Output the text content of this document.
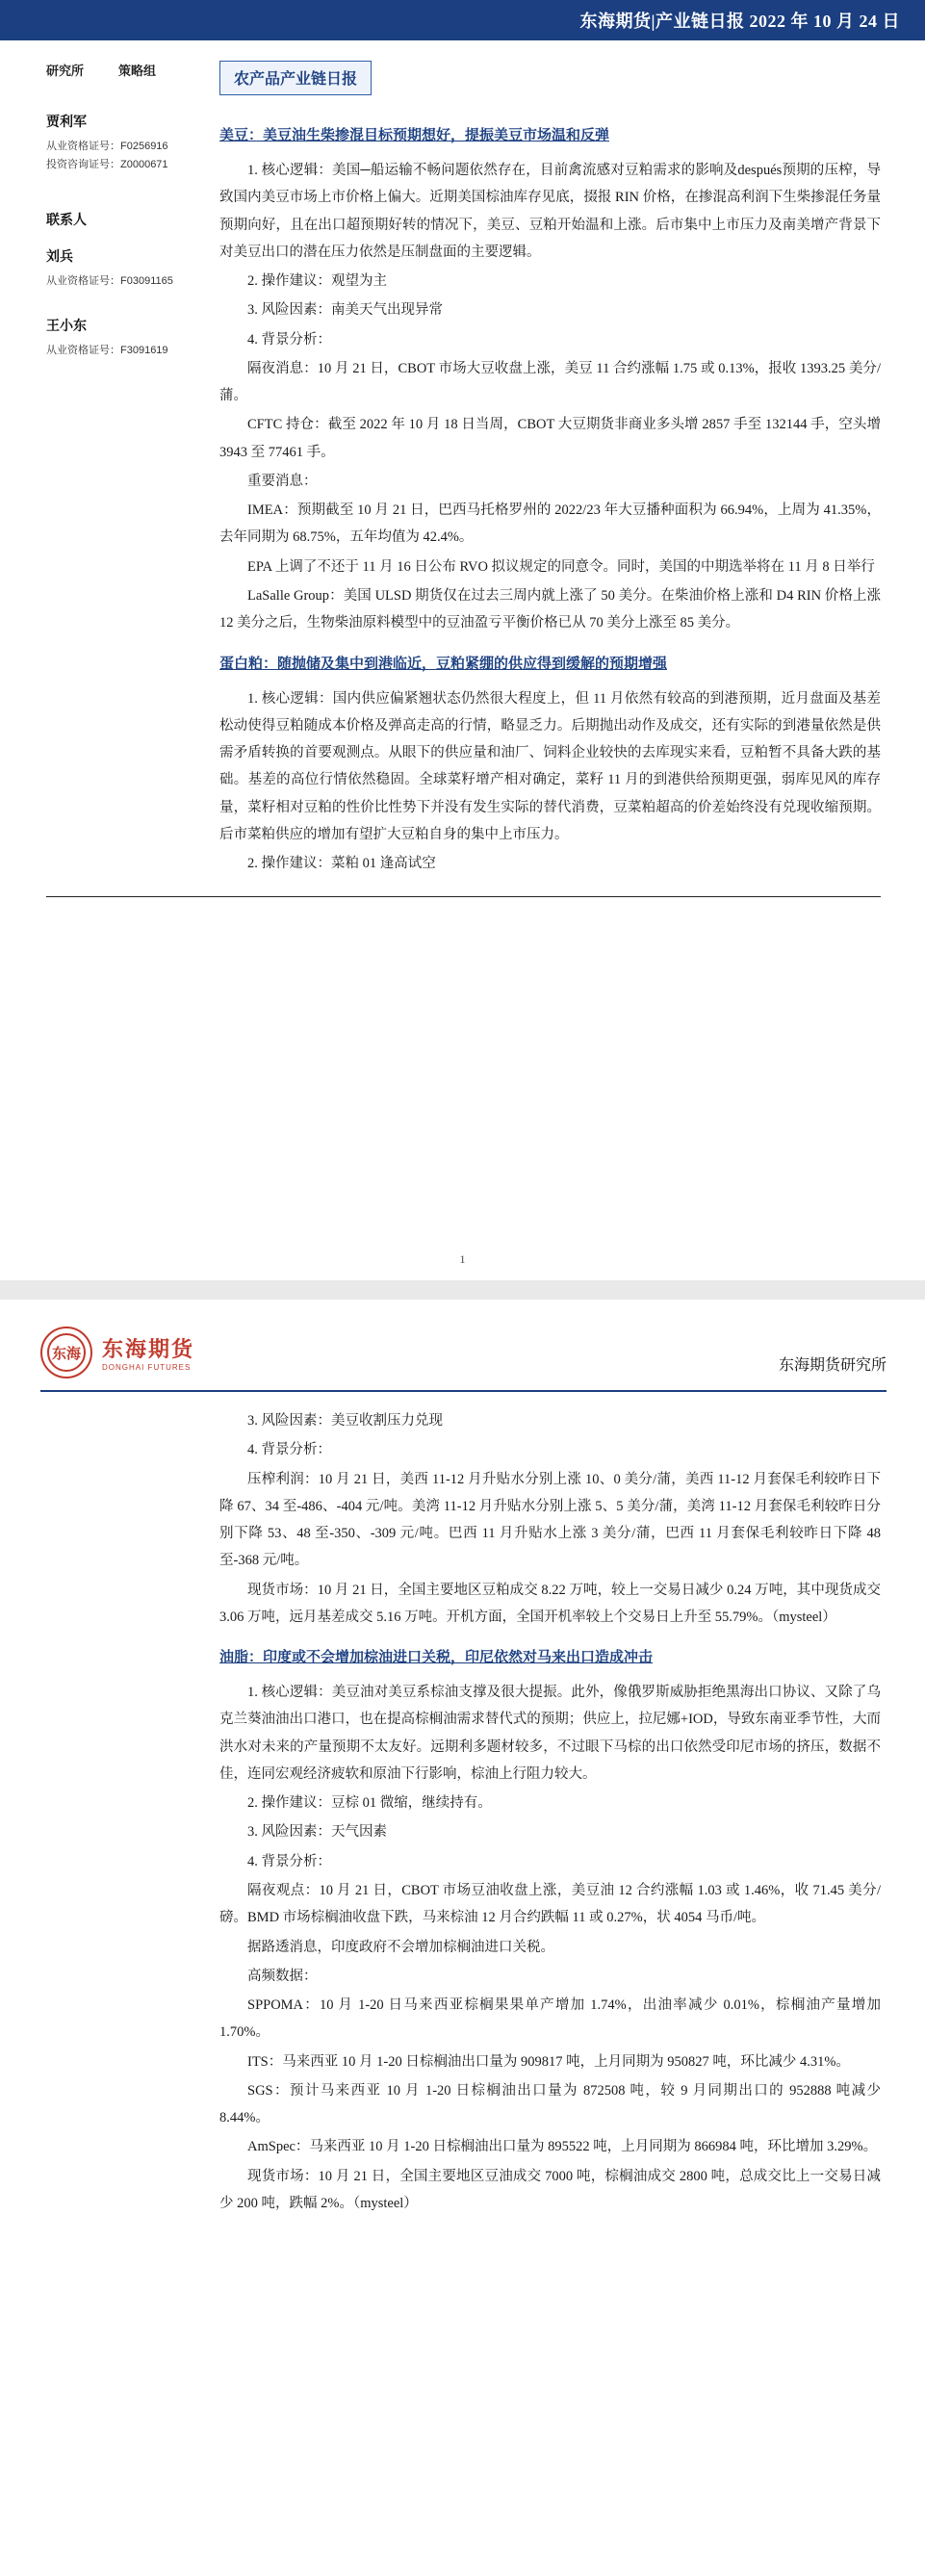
东海期货|产业链日报 2022 年 10 月 24 日
研究所	策略组
贾利军
从业资格证号：F0256916
投资咨询证号：Z0000671
联系人
刘兵
从业资格证号：F03091165
王小东
从业资格证号：F3091619
农产品产业链日报
美豆：美豆油生柴掺混目标预期想好，提振美豆市场温和反弹

1. 核心逻辑：美国─船运输不畅问题依然存在，目前禽流感对豆粕需求的影响及después预期的压榨，导致国内美豆市场上市价格上偏大。近期美国棕油库存见底，掇报 RIN 价格，在掺混高利润下生柴掺混任务量预期向好，且在出口超预期好转的情况下，美豆、豆粕开始温和上涨。后市集中上市压力及南美增产背景下对美豆出口的潜在压力依然是压制盘面的主要逻辑。

2. 操作建议：观望为主

3. 风险因素：南美天气出现异常

4. 背景分析：

隔夜消息：10 月 21 日，CBOT 市场大豆收盘上涨，美豆 11 合约涨幅 1.75 或 0.13%，报收 1393.25 美分/蒲。

CFTC 持仓：截至 2022 年 10 月 18 日当周，CBOT 大豆期货非商业多头增 2857 手至 132144 手，空头增 3943 至 77461 手。

重要消息：

IMEA：预期截至 10 月 21 日，巴西马托格罗州的 2022/23 年大豆播种面积为 66.94%，上周为 41.35%，去年同期为 68.75%，五年均值为 42.4%。

EPA 上调了不还于 11 月 16 日公布 RVO 拟议规定的同意令。同时，美国的中期选举将在 11 月 8 日举行

LaSalle Group：美国 ULSD 期货仅在过去三周内就上涨了 50 美分。在柴油价格上涨和 D4 RIN 价格上涨 12 美分之后，生物柴油原料模型中的豆油盈亏平衡价格已从 70 美分上涨至 85 美分。

蛋白粕：随抛储及集中到港临近，豆粕紧绷的供应得到缓解的预期增强

1. 核心逻辑：国内供应偏紧翘状态仍然很大程度上，但 11 月依然有较高的到港预期，近月盘面及基差松动使得豆粕随成本价格及弹高走高的行情，略显乏力。后期抛出动作及成交，还有实际的到港量依然是供需矛盾转换的首要观测点。从眼下的供应量和油厂、饲料企业较快的去库现实来看，豆粕暂不具备大跌的基础。基差的高位行情依然稳固。全球菜籽增产相对确定，菜籽 11 月的到港供给预期更强，弱库见风的库存量，菜籽相对豆粕的性价比性势下并没有发生实际的替代消费，豆菜粕超高的价差始终没有兑现收缩预期。后市菜粕供应的增加有望扩大豆粕自身的集中上市压力。

2. 操作建议：菜粕 01 逢高试空

1
东海 东海期货
DONGHAI FUTURES	东海期货研究所

3. 风险因素：美豆收割压力兑现

4. 背景分析：

压榨利润：10 月 21 日，美西 11-12 月升贴水分别上涨 10、0 美分/蒲，美西 11-12 月套保毛利较昨日下降 67、34 至-486、-404 元/吨。美湾 11-12 月升贴水分别上涨 5、5 美分/蒲，美湾 11-12 月套保毛利较昨日分别下降 53、48 至-350、-309 元/吨。巴西 11 月升贴水上涨 3 美分/蒲，巴西 11 月套保毛利较昨日下降 48 至-368 元/吨。

现货市场：10 月 21 日，全国主要地区豆粕成交 8.22 万吨，较上一交易日减少 0.24 万吨，其中现货成交 3.06 万吨，远月基差成交 5.16 万吨。开机方面，全国开机率较上个交易日上升至 55.79%。（mysteel）

油脂：印度或不会增加棕油进口关税，印尼依然对马来出口造成冲击

1. 核心逻辑：美豆油对美豆系棕油支撑及很大提振。此外，像俄罗斯威胁拒绝黑海出口协议、又除了乌克兰葵油油出口港口，也在提高棕榈油需求替代式的预期；供应上，拉尼娜+IOD，导致东南亚季节性，大而洪水对未来的产量预期不太友好。远期利多题材较多，不过眼下马棕的出口依然受印尼市场的挤压，数据不佳，连同宏观经济疲软和原油下行影响，棕油上行阻力较大。

2. 操作建议：豆棕 01 微缩，继续持有。

3. 风险因素：天气因素

4. 背景分析：

隔夜观点：10 月 21 日，CBOT 市场豆油收盘上涨，美豆油 12 合约涨幅 1.03 或 1.46%，收 71.45 美分/磅。BMD 市场棕榈油收盘下跌，马来棕油 12 月合约跌幅 11 或 0.27%，状 4054 马币/吨。

据路透消息，印度政府不会增加棕榈油进口关税。

高频数据：

SPPOMA：10 月 1-20 日马来西亚棕榈果果单产增加 1.74%，出油率减少 0.01%，棕榈油产量增加 1.70%。

ITS：马来西亚 10 月 1-20 日棕榈油出口量为 909817 吨，上月同期为 950827 吨，环比减少 4.31%。

SGS：预计马来西亚 10 月 1-20 日棕榈油出口量为 872508 吨，较 9 月同期出口的 952888 吨减少 8.44%。

AmSpec：马来西亚 10 月 1-20 日棕榈油出口量为 895522 吨，上月同期为 866984 吨，环比增加 3.29%。

现货市场：10 月 21 日，全国主要地区豆油成交 7000 吨，棕榈油成交 2800 吨，总成交比上一交易日减少 200 吨，跌幅 2%。（mysteel）
